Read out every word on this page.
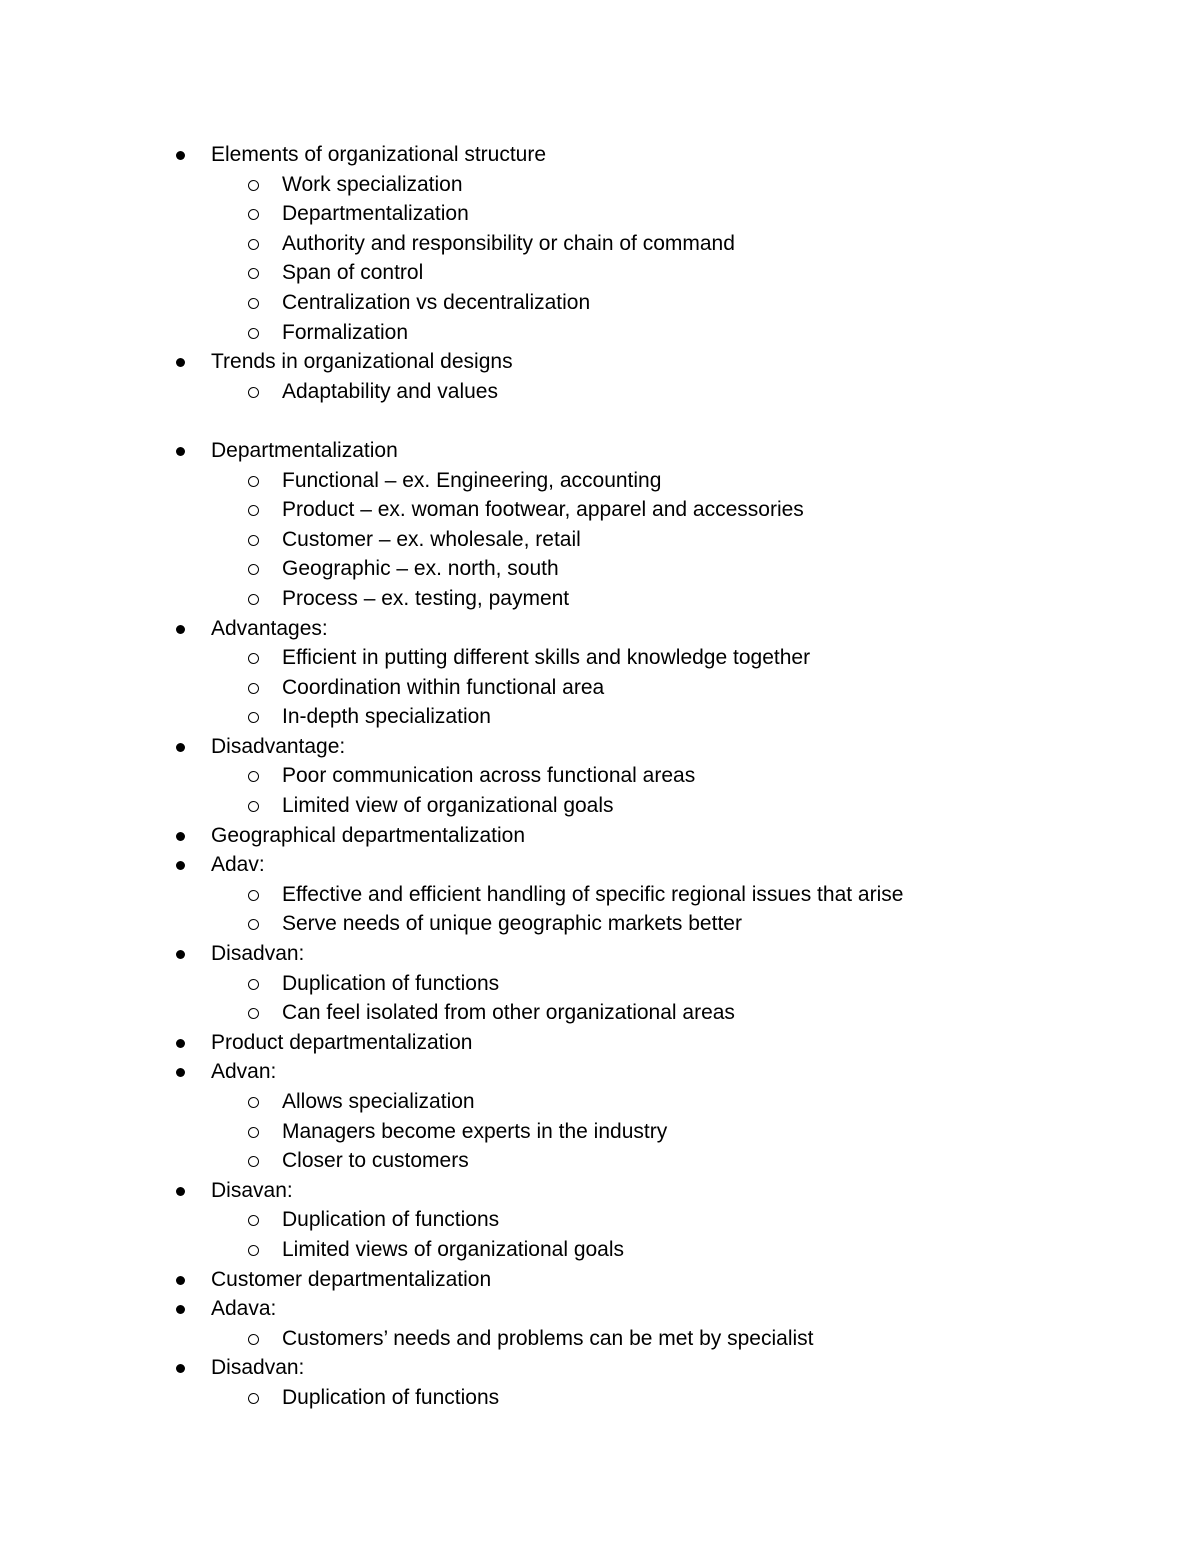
Elements of organizational structure
Work specialization
Departmentalization
Authority and responsibility or chain of command
Span of control
Centralization vs decentralization
Formalization
Trends in organizational designs
Adaptability and values
Departmentalization
Functional – ex. Engineering, accounting
Product – ex. woman footwear, apparel and accessories
Customer – ex. wholesale, retail
Geographic – ex. north, south
Process – ex. testing, payment
Advantages:
Efficient in putting different skills and knowledge together
Coordination within functional area
In-depth specialization
Disadvantage:
Poor communication across functional areas
Limited view of organizational goals
Geographical departmentalization
Adav:
Effective and efficient handling of specific regional issues that arise
Serve needs of unique geographic markets better
Disadvan:
Duplication of functions
Can feel isolated from other organizational areas
Product departmentalization
Advan:
Allows specialization
Managers become experts in the industry
Closer to customers
Disavan:
Duplication of functions
Limited views of organizational goals
Customer departmentalization
Adava:
Customers’ needs and problems can be met by specialist
Disadvan:
Duplication of functions
